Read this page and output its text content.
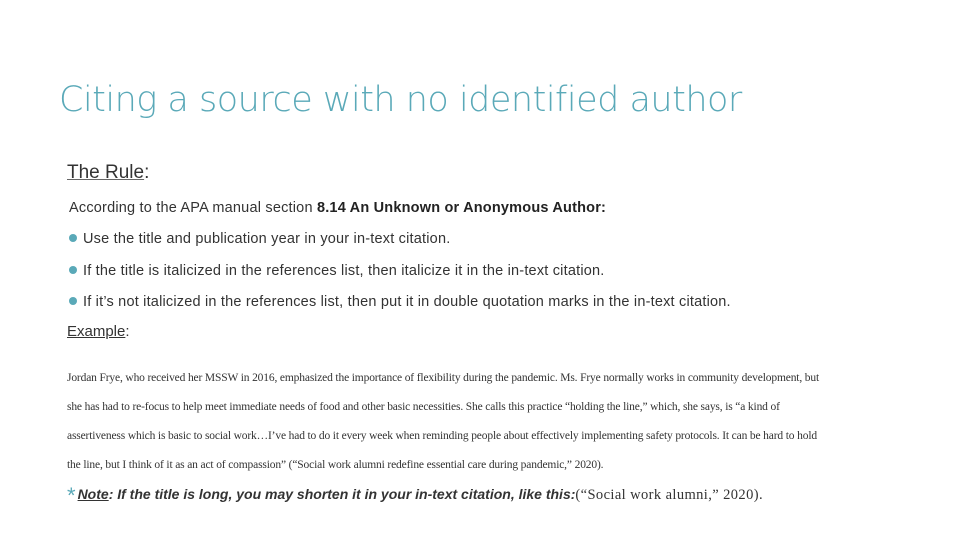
Citing a source with no identified author
The Rule:
According to the APA manual section 8.14 An Unknown or Anonymous Author:
Use the title and publication year in your in-text citation.
If the title is italicized in the references list, then italicize it in the in-text citation.
If it’s not italicized in the references list, then put it in double quotation marks in the in-text citation.
Example:
Jordan Frye, who received her MSSW in 2016, emphasized the importance of flexibility during the pandemic. Ms. Frye normally works in community development, but
she has had to re-focus to help meet immediate needs of food and other basic necessities. She calls this practice “holding the line,” which, she says, is “a kind of
assertiveness which is basic to social work…I’ve had to do it every week when reminding people about effectively implementing safety protocols. It can be hard to hold
the line, but I think of it as an act of compassion” (“Social work alumni redefine essential care during pandemic,” 2020).
* Note: If the title is long, you may shorten it in your in-text citation, like this:(“Social work alumni,” 2020).
